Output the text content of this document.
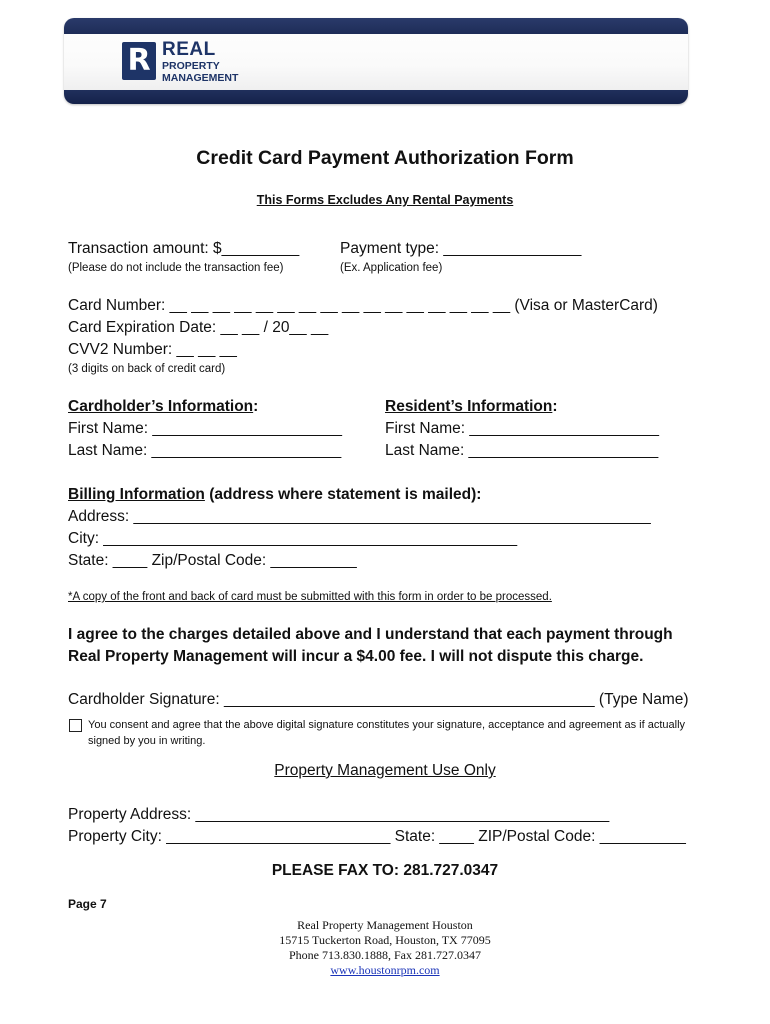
R REAL
PROPERTY
MANAGEMENT
Credit Card Payment Authorization Form
This Forms Excludes Any Rental Payments
Transaction amount: $_________
(Please do not include the transaction fee)
Payment type: ________________
(Ex. Application fee)
Card Number: __ __ __ __ __ __ __ __ __ __ __ __ __ __ __ __ (Visa or MasterCard)
Card Expiration Date: __ __ / 20__ __
CVV2 Number: __ __ __
(3 digits on back of credit card)
Cardholder’s Information:
First Name: ______________________
Last Name: ______________________
Resident’s Information:
First Name: ______________________
Last Name: ______________________
Billing Information (address where statement is mailed):
Address: ____________________________________________________________
City: ________________________________________________
State: ____ Zip/Postal Code: __________
*A copy of the front and back of card must be submitted with this form in order to be processed.
I agree to the charges detailed above and I understand that each payment through
Real Property Management will incur a $4.00 fee. I will not dispute this charge.
Cardholder Signature: ___________________________________________ (Type Name)
You consent and agree that the above digital signature constitutes your signature, acceptance and agreement as if actually
signed by you in writing.
Property Management Use Only
Property Address: ________________________________________________
Property City: __________________________ State: ____ ZIP/Postal Code: __________
PLEASE FAX TO: 281.727.0347
Page 7
Real Property Management Houston
15715 Tuckerton Road, Houston, TX 77095
Phone 713.830.1888, Fax 281.727.0347
www.houstonrpm.com
